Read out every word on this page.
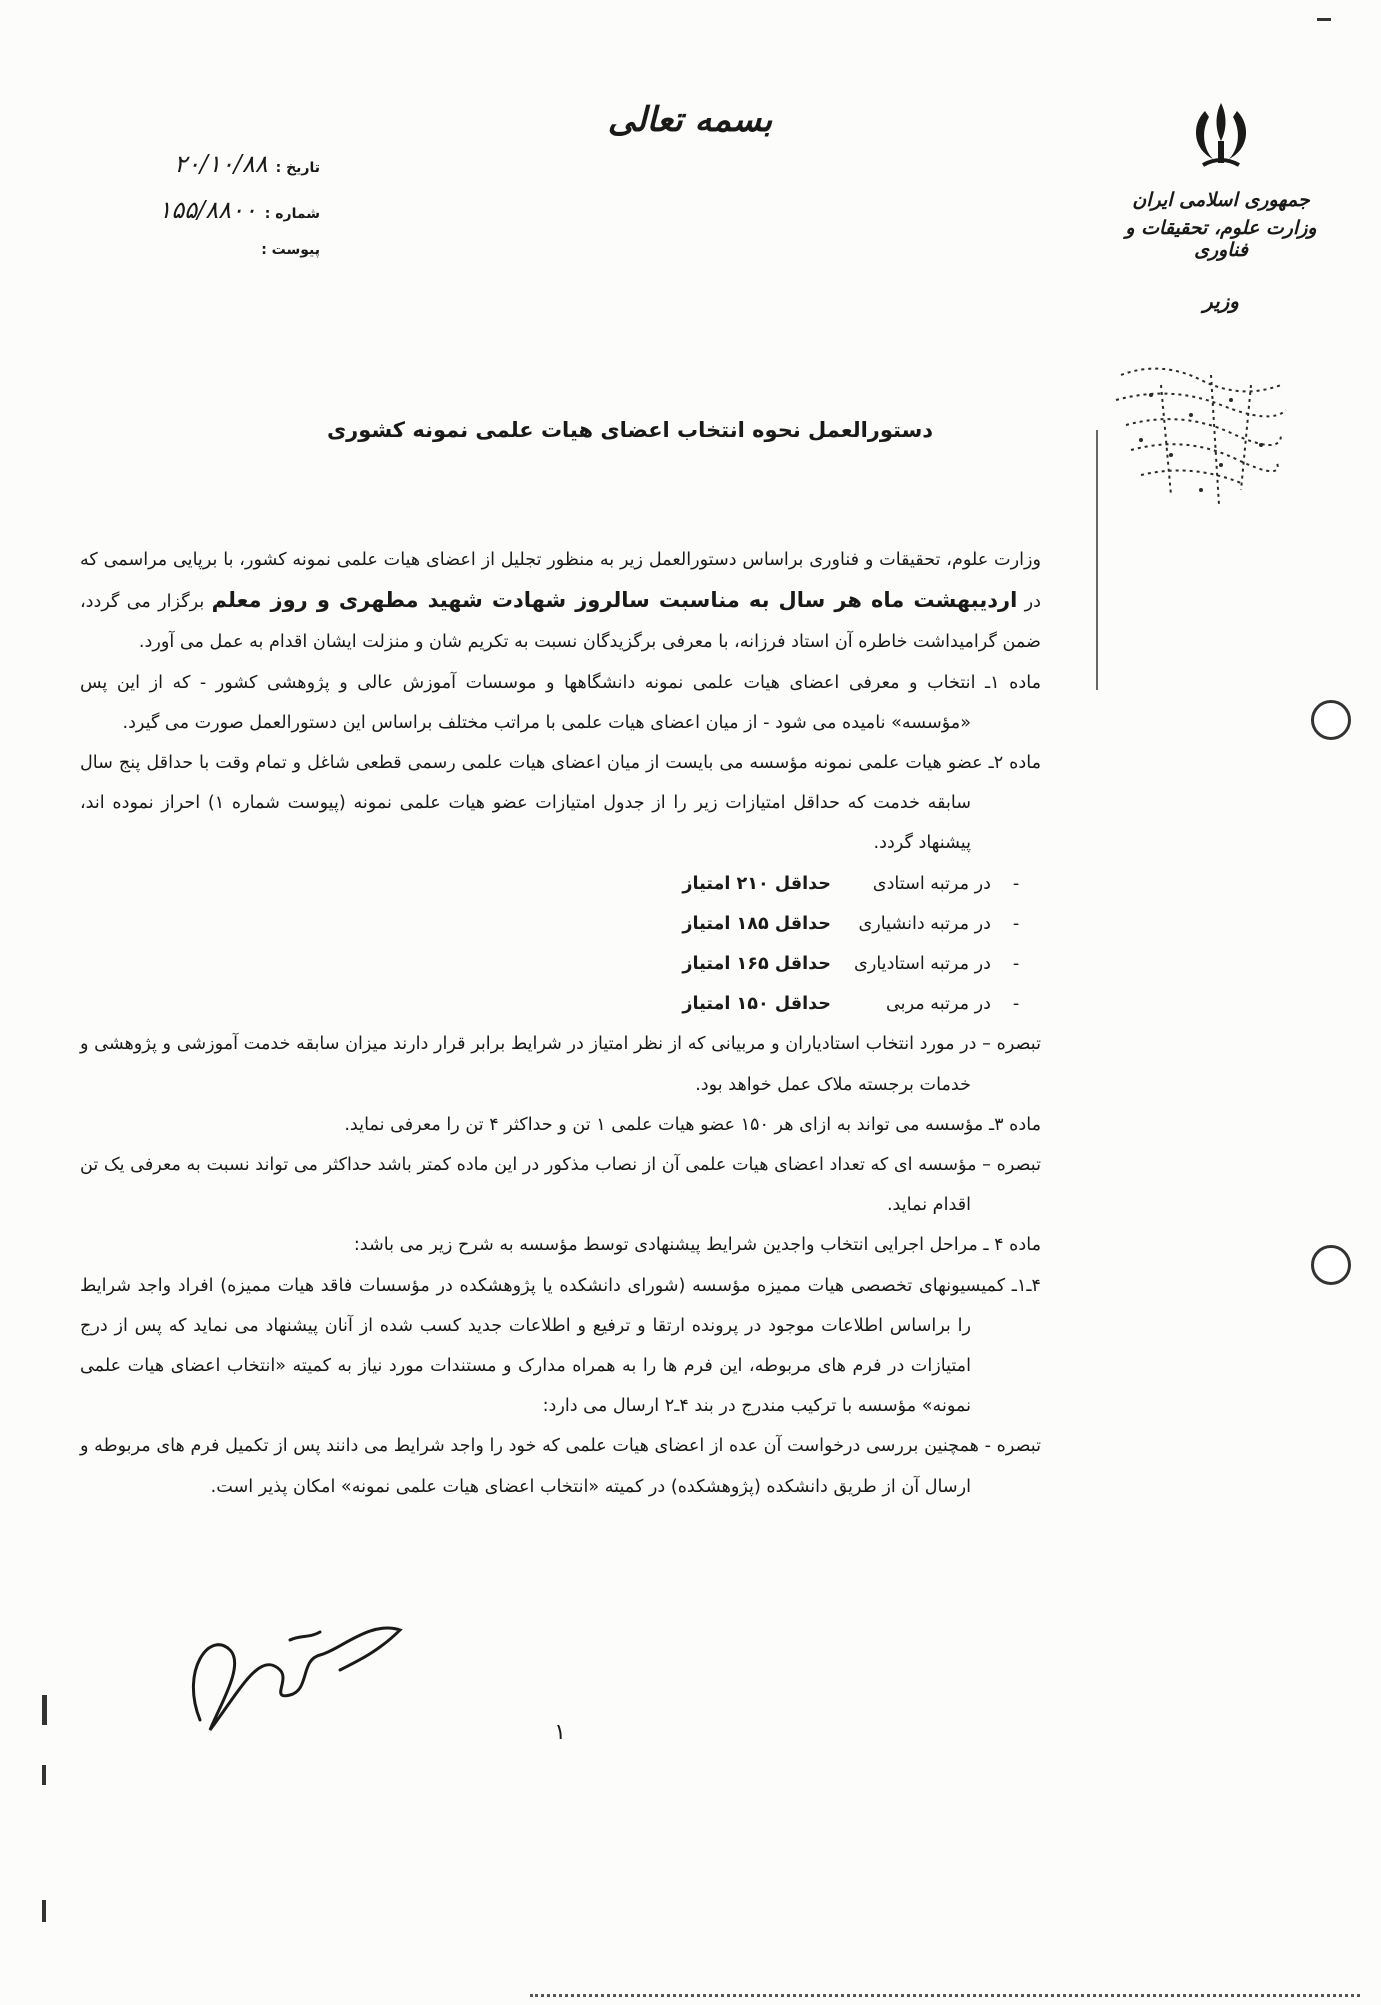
جمهوری اسلامی ایران
وزارت علوم، تحقیقات و فناوری
وزیر
بسمه تعالی
تاریخ :
۲۰/۱۰/۸۸
شماره :
۱۵۵/۸۸۰۰
پیوست :
دستورالعمل نحوه انتخاب اعضای هیات علمی نمونه کشوری

وزارت علوم، تحقیقات و فناوری براساس دستورالعمل زیر به منظور تجلیل از اعضای هیات علمی نمونه کشور، با برپایی مراسمی که در اردیبهشت ماه هر سال به مناسبت سالروز شهادت شهید مطهری و روز معلم برگزار می گردد، ضمن گرامیداشت خاطره آن استاد فرزانه، با معرفی برگزیدگان نسبت به تکریم شان و منزلت ایشان اقدام به عمل می آورد.

ماده ۱ـ انتخاب و معرفی اعضای هیات علمی نمونه دانشگاهها و موسسات آموزش عالی و پژوهشی کشور - که از این پس «مؤسسه» نامیده می شود - از میان اعضای هیات علمی با مراتب مختلف براساس این دستورالعمل صورت می گیرد.

ماده ۲ـ عضو هیات علمی نمونه مؤسسه می بایست از میان اعضای هیات علمی رسمی قطعی شاغل و تمام وقت با حداقل پنج سال سابقه خدمت که حداقل امتیازات زیر را از جدول امتیازات عضو هیات علمی نمونه (پیوست شماره ۱) احراز نموده اند، پیشنهاد گردد.

-
در مرتبه استادی
حداقل ۲۱۰ امتیاز
-
در مرتبه دانشیاری
حداقل ۱۸۵ امتیاز
-
در مرتبه استادیاری
حداقل ۱۶۵ امتیاز
-
در مرتبه مربی
حداقل ۱۵۰ امتیاز

تبصره – در مورد انتخاب استادیاران و مربیانی که از نظر امتیاز در شرایط برابر قرار دارند میزان سابقه خدمت آموزشی و پژوهشی و خدمات برجسته ملاک عمل خواهد بود.

ماده ۳ـ مؤسسه می تواند به ازای هر ۱۵۰ عضو هیات علمی ۱ تن و حداکثر ۴ تن را معرفی نماید.

تبصره – مؤسسه ای که تعداد اعضای هیات علمی آن از نصاب مذکور در این ماده کمتر باشد حداکثر می تواند نسبت به معرفی یک تن اقدام نماید.

ماده ۴ ـ مراحل اجرایی انتخاب واجدین شرایط پیشنهادی توسط مؤسسه به شرح زیر می باشد:

۴ـ۱ـ کمیسیونهای تخصصی هیات ممیزه مؤسسه (شورای دانشکده یا پژوهشکده در مؤسسات فاقد هیات ممیزه) افراد واجد شرایط را براساس اطلاعات موجود در پرونده ارتقا و ترفیع و اطلاعات جدید کسب شده از آنان پیشنهاد می نماید که پس از درج امتیازات در فرم های مربوطه، این فرم ها را به همراه مدارک و مستندات مورد نیاز به کمیته «انتخاب اعضای هیات علمی نمونه» مؤسسه با ترکیب مندرج در بند ۴ـ۲ ارسال می دارد:

تبصره - همچنین بررسی درخواست آن عده از اعضای هیات علمی که خود را واجد شرایط می دانند پس از تکمیل فرم های مربوطه و ارسال آن از طریق دانشکده (پژوهشکده) در کمیته «انتخاب اعضای هیات علمی نمونه» امکان پذیر است.

۱
